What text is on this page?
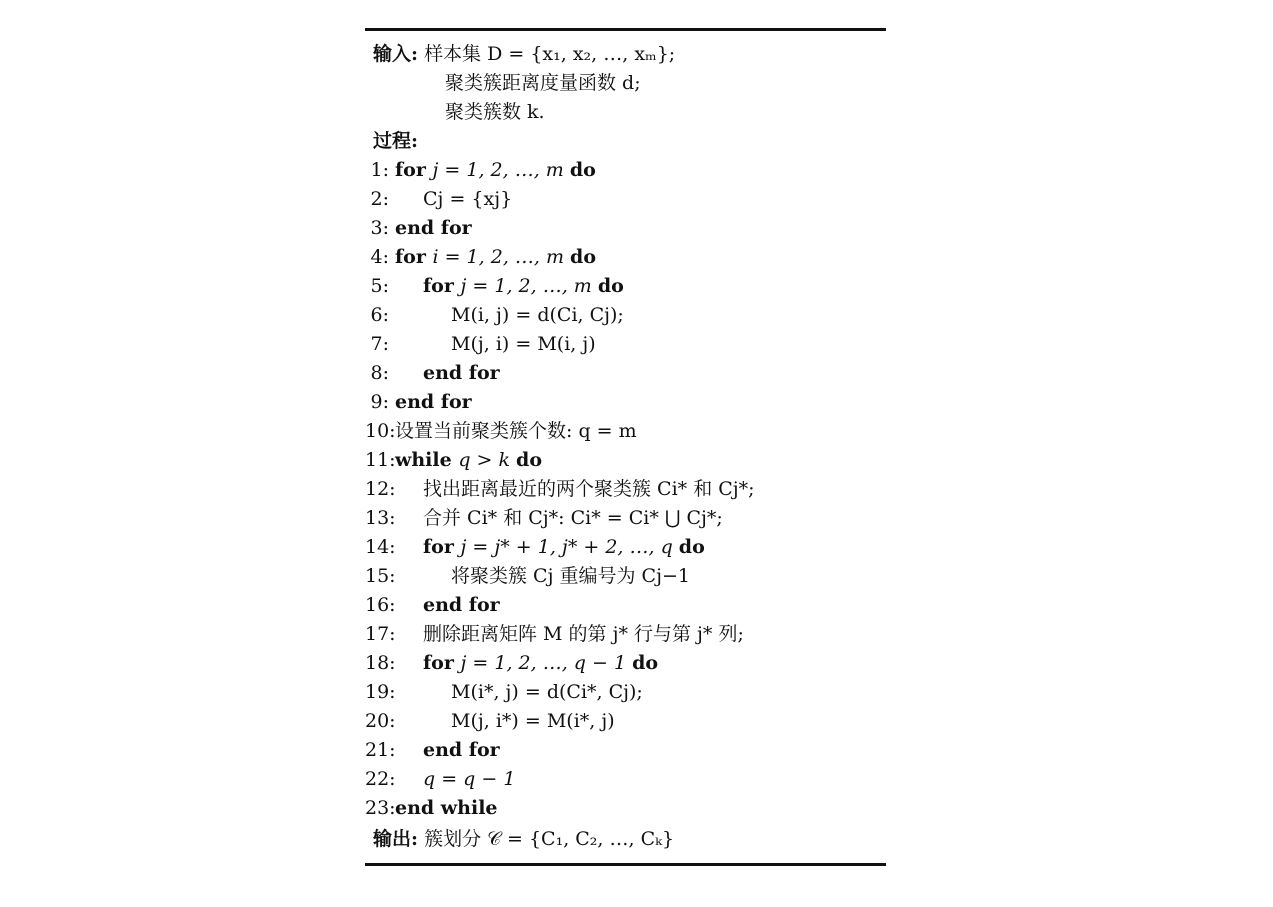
输入: 样本集 D = {x₁, x₂, …, xₘ};
聚类簇距离度量函数 d;
聚类簇数 k.
过程:
1: for j = 1, 2, …, m do
2: Cj = {xj}
3: end for
4: for i = 1, 2, …, m do
5: for j = 1, 2, …, m do
6:	M(i, j) = d(Ci, Cj);
7:	M(j, i) = M(i, j)
8: end for
9: end for
10:设置当前聚类簇个数: q = m
11:while q > k do
12: 找出距离最近的两个聚类簇 Ci* 和 Cj*;
13: 合并 Ci* 和 Cj*: Ci* = Ci* ⋃ Cj*;
14: for j = j* + 1, j* + 2, …, q do
15:	将聚类簇 Cj 重编号为 Cj−1
16: end for
17: 删除距离矩阵 M 的第 j* 行与第 j* 列;
18: for j = 1, 2, …, q − 1 do
19:	M(i*, j) = d(Ci*, Cj);
20:	M(j, i*) = M(i*, j)
21: end for
22: q = q − 1
23:end while
输出: 簇划分 𝒞 = {C₁, C₂, …, Cₖ}
